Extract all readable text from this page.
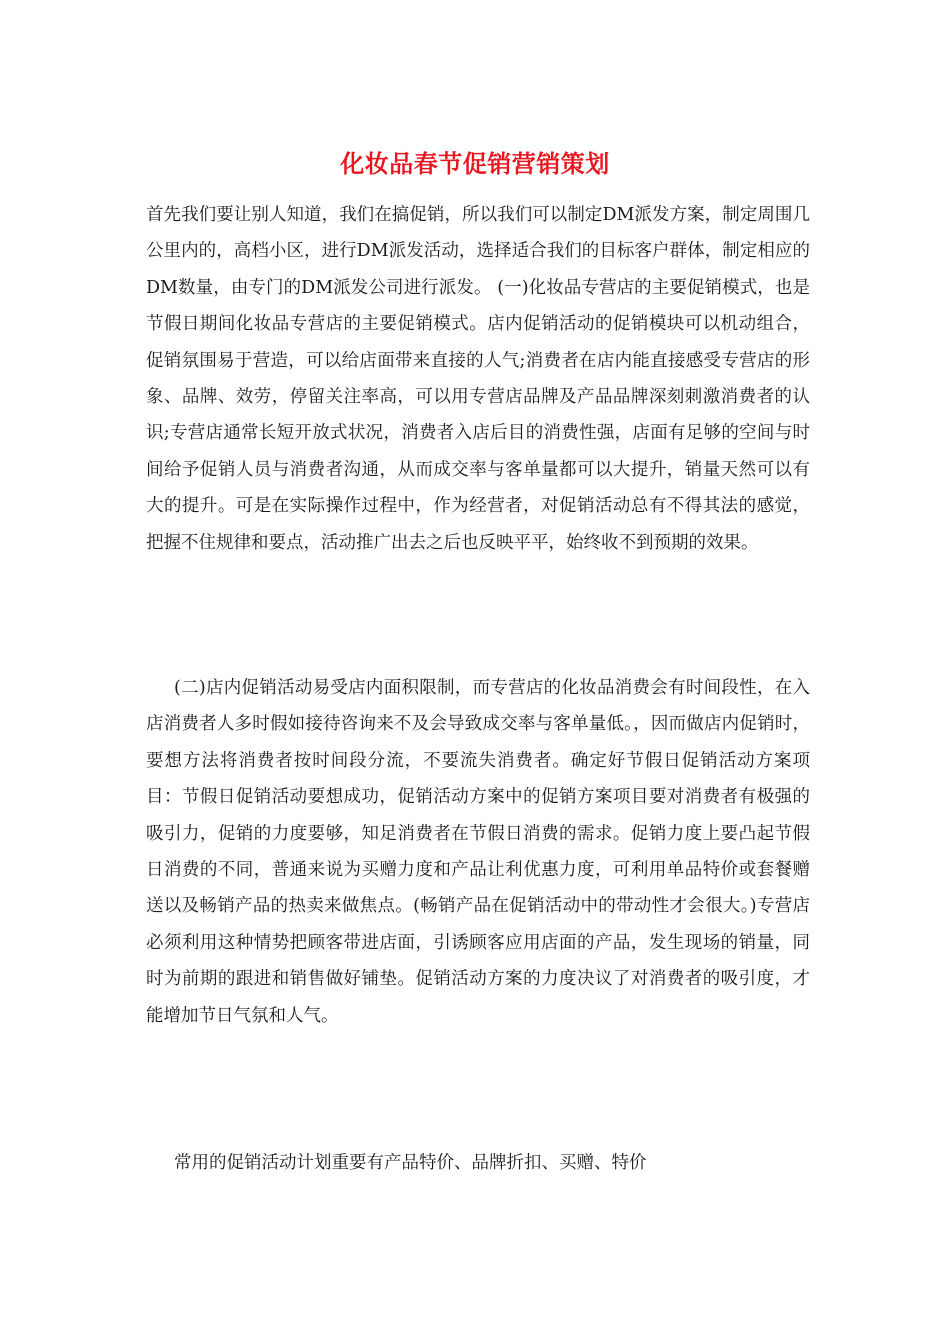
化妆品春节促销营销策划

首先我们要让别人知道，我们在搞促销，所以我们可以制定DM派发方案，制定周围几公里内的，高档小区，进行DM派发活动，选择适合我们的目标客户群体，制定相应的DM数量，由专门的DM派发公司进行派发。 (一)化妆品专营店的主要促销模式，也是节假日期间化妆品专营店的主要促销模式。店内促销活动的促销模块可以机动组合，促销氛围易于营造，可以给店面带来直接的人气;消费者在店内能直接感受专营店的形象、品牌、效劳，停留关注率高，可以用专营店品牌及产品品牌深刻刺激消费者的认识;专营店通常长短开放式状况，消费者入店后目的消费性强，店面有足够的空间与时间给予促销人员与消费者沟通，从而成交率与客单量都可以大提升，销量天然可以有大的提升。可是在实际操作过程中，作为经营者，对促销活动总有不得其法的感觉，把握不住规律和要点，活动推广出去之后也反映平平，始终收不到预期的效果。

(二)店内促销活动易受店内面积限制，而专营店的化妆品消费会有时间段性，在入店消费者人多时假如接待咨询来不及会导致成交率与客单量低。，因而做店内促销时，要想方法将消费者按时间段分流，不要流失消费者。确定好节假日促销活动方案项目：节假日促销活动要想成功，促销活动方案中的促销方案项目要对消费者有极强的吸引力，促销的力度要够，知足消费者在节假日消费的需求。促销力度上要凸起节假日消费的不同，普通来说为买赠力度和产品让利优惠力度，可利用单品特价或套餐赠送以及畅销产品的热卖来做焦点。(畅销产品在促销活动中的带动性才会很大。)专营店必须利用这种情势把顾客带进店面，引诱顾客应用店面的产品，发生现场的销量，同时为前期的跟进和销售做好铺垫。促销活动方案的力度决议了对消费者的吸引度，才能增加节日气氛和人气。

常用的促销活动计划重要有产品特价、品牌折扣、买赠、特价
